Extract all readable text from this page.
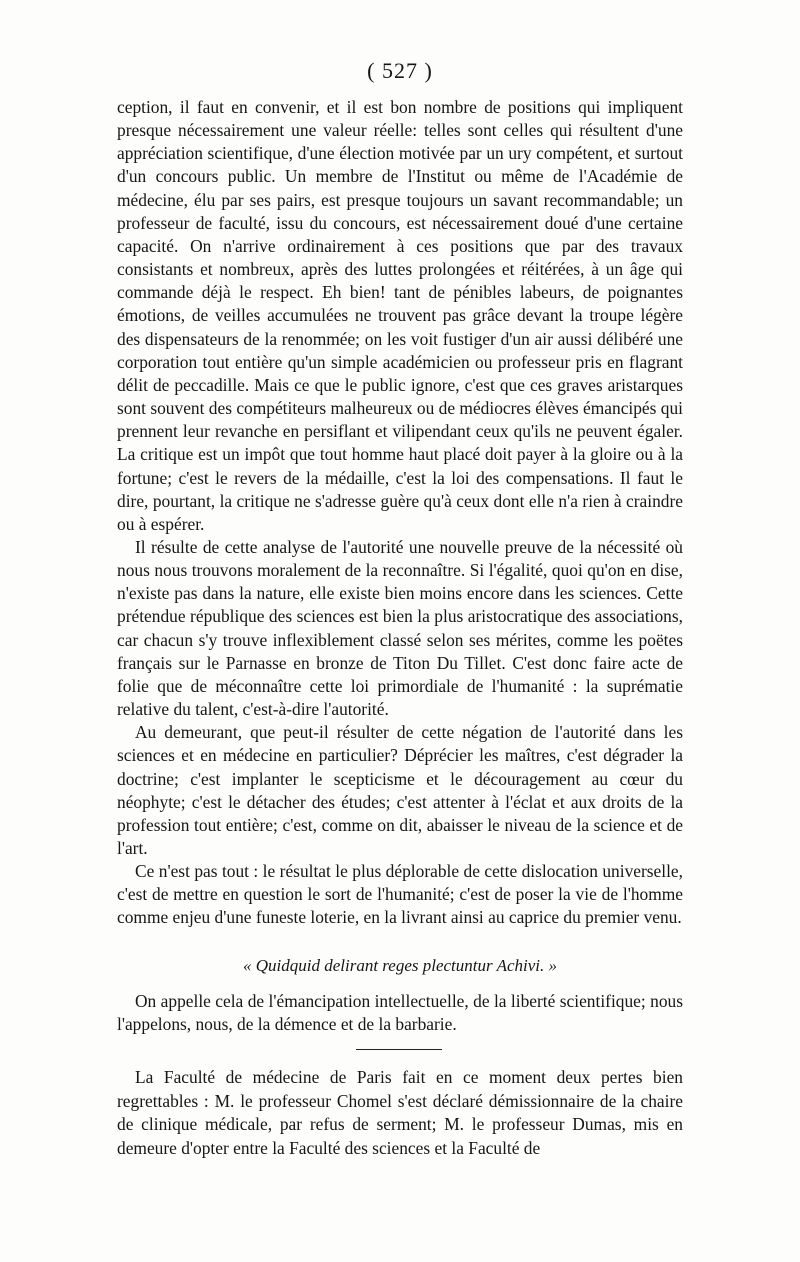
( 527 )

ception, il faut en convenir, et il est bon nombre de positions qui impliquent presque nécessairement une valeur réelle: telles sont celles qui résultent d'une appréciation scientifique, d'une élection motivée par un ury compétent, et surtout d'un concours public. Un membre de l'Institut ou même de l'Académie de médecine, élu par ses pairs, est presque toujours un savant recommandable; un professeur de faculté, issu du concours, est nécessairement doué d'une certaine capacité. On n'arrive ordinairement à ces positions que par des travaux consistants et nombreux, après des luttes prolongées et réitérées, à un âge qui commande déjà le respect. Eh bien! tant de pénibles labeurs, de poignantes émotions, de veilles accumulées ne trouvent pas grâce devant la troupe légère des dispensateurs de la renommée; on les voit fustiger d'un air aussi délibéré une corporation tout entière qu'un simple académicien ou professeur pris en flagrant délit de peccadille. Mais ce que le public ignore, c'est que ces graves aristarques sont souvent des compétiteurs malheureux ou de médiocres élèves émancipés qui prennent leur revanche en persiflant et vilipendant ceux qu'ils ne peuvent égaler. La critique est un impôt que tout homme haut placé doit payer à la gloire ou à la fortune; c'est le revers de la médaille, c'est la loi des compensations. Il faut le dire, pourtant, la critique ne s'adresse guère qu'à ceux dont elle n'a rien à craindre ou à espérer.

Il résulte de cette analyse de l'autorité une nouvelle preuve de la nécessité où nous nous trouvons moralement de la reconnaître. Si l'égalité, quoi qu'on en dise, n'existe pas dans la nature, elle existe bien moins encore dans les sciences. Cette prétendue république des sciences est bien la plus aristocratique des associations, car chacun s'y trouve inflexiblement classé selon ses mérites, comme les poëtes français sur le Parnasse en bronze de Titon Du Tillet. C'est donc faire acte de folie que de méconnaître cette loi primordiale de l'humanité : la suprématie relative du talent, c'est-à-dire l'autorité.

Au demeurant, que peut-il résulter de cette négation de l'autorité dans les sciences et en médecine en particulier? Déprécier les maîtres, c'est dégrader la doctrine; c'est implanter le scepticisme et le découragement au cœur du néophyte; c'est le détacher des études; c'est attenter à l'éclat et aux droits de la profession tout entière; c'est, comme on dit, abaisser le niveau de la science et de l'art.

Ce n'est pas tout : le résultat le plus déplorable de cette dislocation universelle, c'est de mettre en question le sort de l'humanité; c'est de poser la vie de l'homme comme enjeu d'une funeste loterie, en la livrant ainsi au caprice du premier venu.

« Quidquid delirant reges plectuntur Achivi. »

On appelle cela de l'émancipation intellectuelle, de la liberté scientifique; nous l'appelons, nous, de la démence et de la barbarie.

La Faculté de médecine de Paris fait en ce moment deux pertes bien regrettables : M. le professeur Chomel s'est déclaré démissionnaire de la chaire de clinique médicale, par refus de serment; M. le professeur Dumas, mis en demeure d'opter entre la Faculté des sciences et la Faculté de
